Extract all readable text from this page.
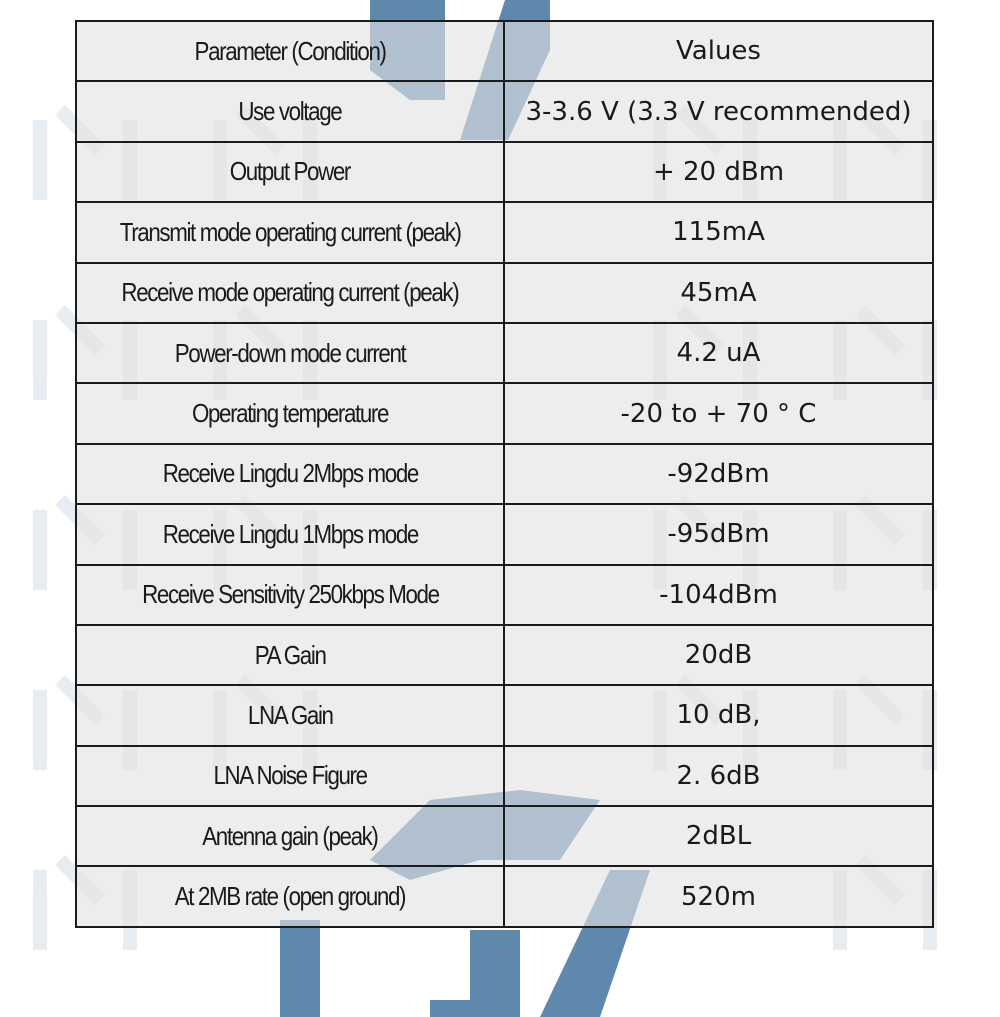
Parameter (Condition)	Values
Use voltage	3-3.6 V (3.3 V recommended)
Output Power	+ 20 dBm
Transmit mode operating current (peak)	115mA
Receive mode operating current (peak)	45mA
Power-down mode current	4.2 uA
Operating temperature	-20 to + 70 ° C
Receive Lingdu 2Mbps mode	-92dBm
Receive Lingdu 1Mbps mode	-95dBm
Receive Sensitivity 250kbps Mode	-104dBm
PA Gain	20dB
LNA Gain	10 dB,
LNA Noise Figure	2. 6dB
Antenna gain (peak)	2dBL
At 2MB rate (open ground)	520m
